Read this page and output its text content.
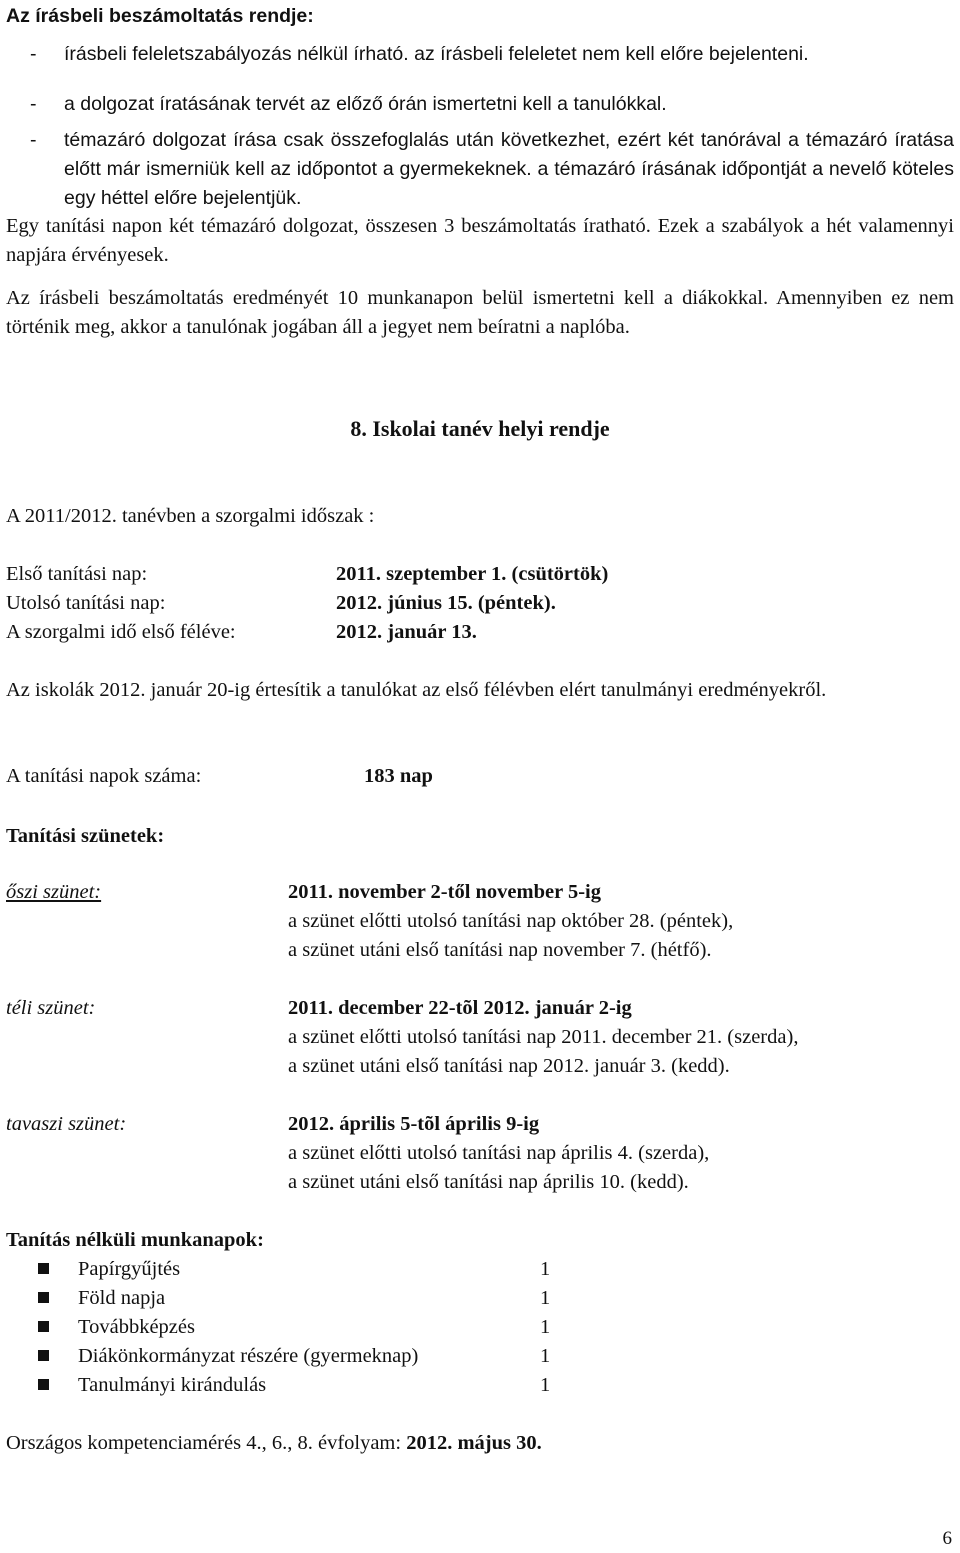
Az írásbeli beszámoltatás rendje:
- írásbeli feleletszabályozás nélkül írható. az írásbeli feleletet nem kell előre bejelenteni.
- a dolgozat íratásának tervét az előző órán ismertetni kell a tanulókkal.
- témazáró dolgozat írása csak összefoglalás után következhet, ezért két tanórával a témazáró íratása előtt már ismerniük kell az időpontot a gyermekeknek. a témazáró írásának időpontját a nevelő köteles egy héttel előre bejelentjük.
Egy tanítási napon két témazáró dolgozat, összesen 3 beszámoltatás íratható. Ezek a szabályok a hét valamennyi napjára érvényesek.
Az írásbeli beszámoltatás eredményét 10 munkanapon belül ismertetni kell a diákokkal. Amennyiben ez nem történik meg, akkor a tanulónak jogában áll a jegyet nem beíratni a naplóba.
8. Iskolai tanév helyi rendje
A 2011/2012. tanévben a szorgalmi időszak :
Első tanítási nap:	2011. szeptember 1. (csütörtök)
Utolsó tanítási nap:	2012. június 15. (péntek).
A szorgalmi idő első féléve:	2012. január 13.
Az iskolák 2012. január 20-ig értesítik a tanulókat az első félévben elért tanulmányi eredményekről.
A tanítási napok száma:	183 nap
Tanítási szünetek:
őszi szünet:	2011. november 2-től november 5-ig
a szünet előtti utolsó tanítási nap október 28. (péntek),
a szünet utáni első tanítási nap november 7. (hétfő).
téli szünet:	2011. december 22-tõl 2012. január 2-ig
a szünet előtti utolsó tanítási nap 2011. december 21. (szerda),
a szünet utáni első tanítási nap 2012. január 3. (kedd).
tavaszi szünet:	2012. április 5-tõl április 9-ig
a szünet előtti utolsó tanítási nap április 4. (szerda),
a szünet utáni első tanítási nap április 10. (kedd).
Tanítás nélküli munkanapok:
Papírgyűjtés	1
Föld napja	1
Továbbképzés	1
Diákönkormányzat részére (gyermeknap)	1
Tanulmányi kirándulás	1
Országos kompetenciamérés 4., 6., 8. évfolyam: 2012. május 30.
6
